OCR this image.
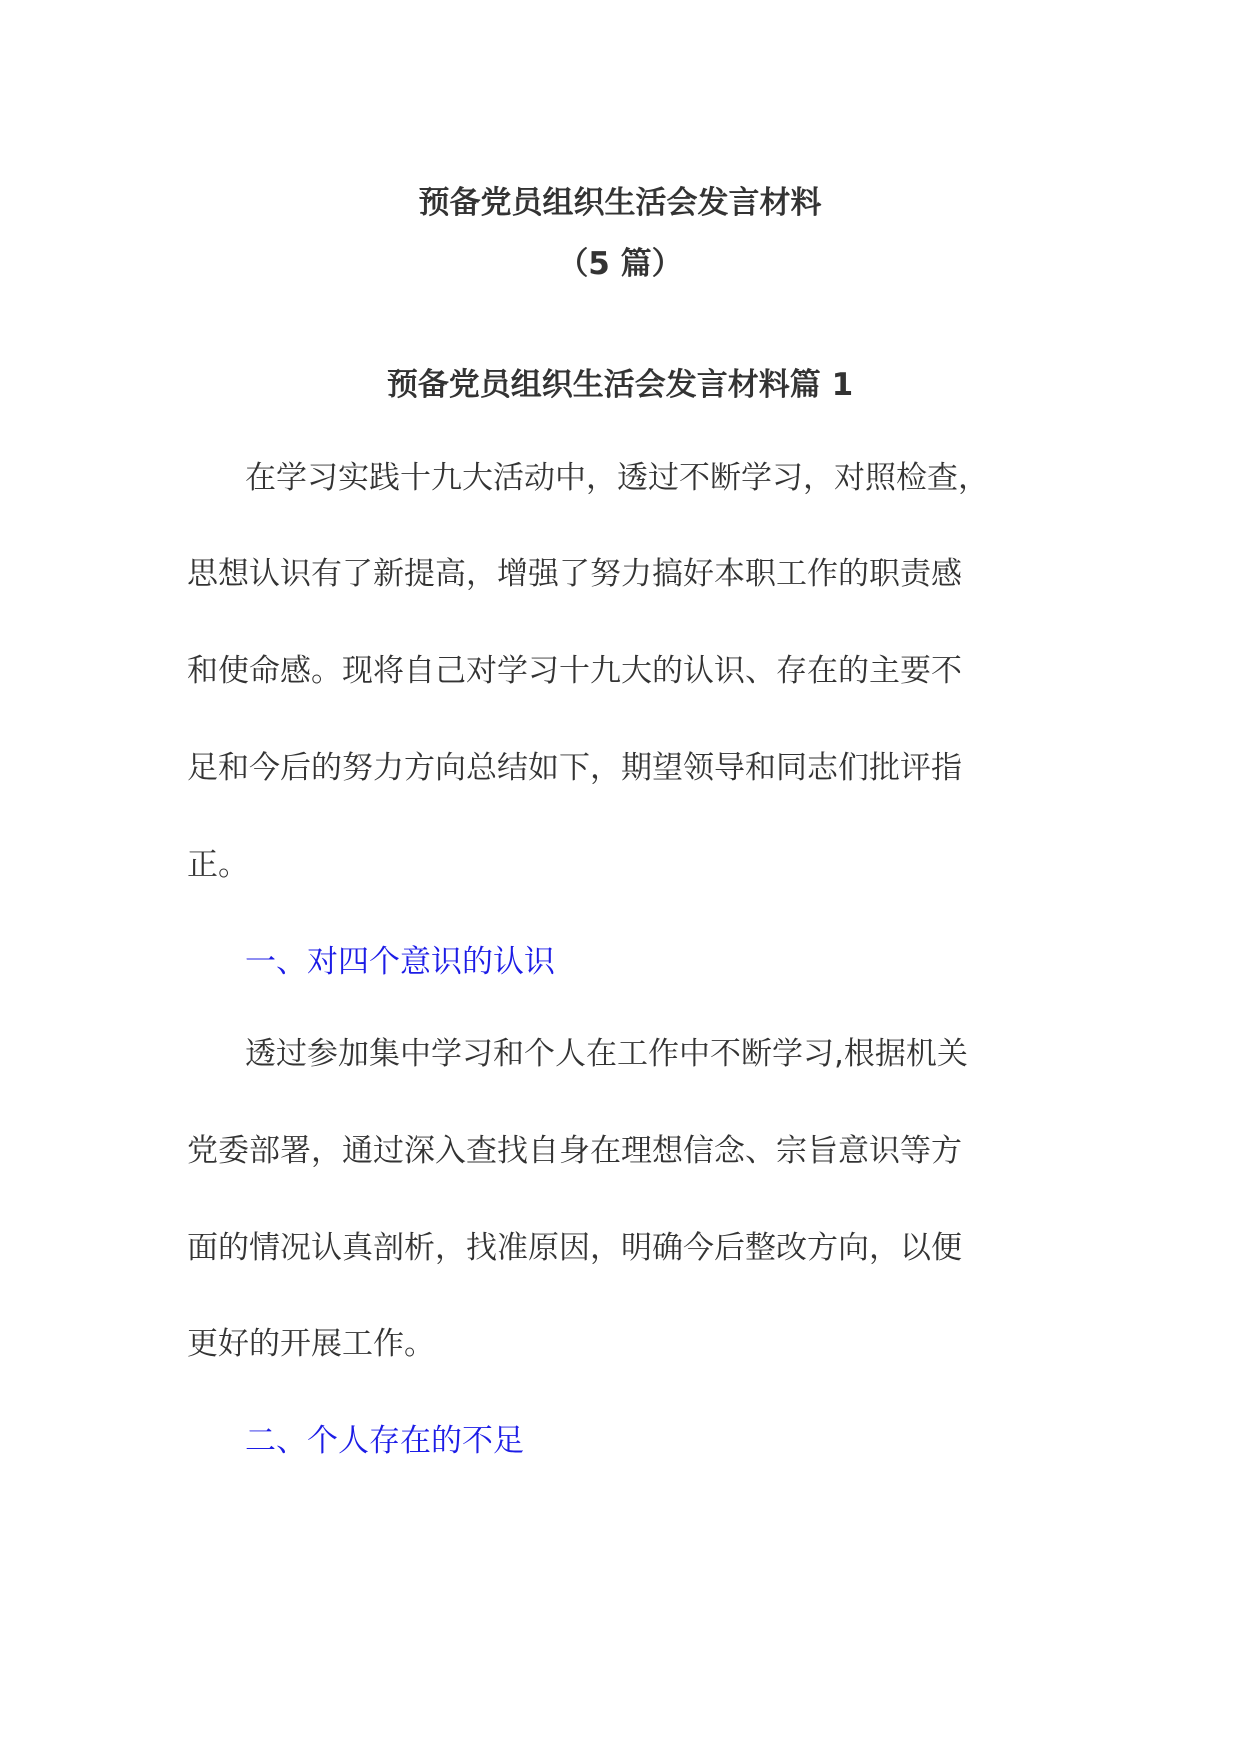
预备党员组织生活会发言材料
（5 篇）
预备党员组织生活会发言材料篇 1
在学习实践十九大活动中，透过不断学习，对照检查，
思想认识有了新提高，增强了努力搞好本职工作的职责感
和使命感。现将自己对学习十九大的认识、存在的主要不
足和今后的努力方向总结如下，期望领导和同志们批评指
正。
一、对四个意识的认识
透过参加集中学习和个人在工作中不断学习,根据机关
党委部署，通过深入查找自身在理想信念、宗旨意识等方
面的情况认真剖析，找准原因，明确今后整改方向，以便
更好的开展工作。
二、个人存在的不足
